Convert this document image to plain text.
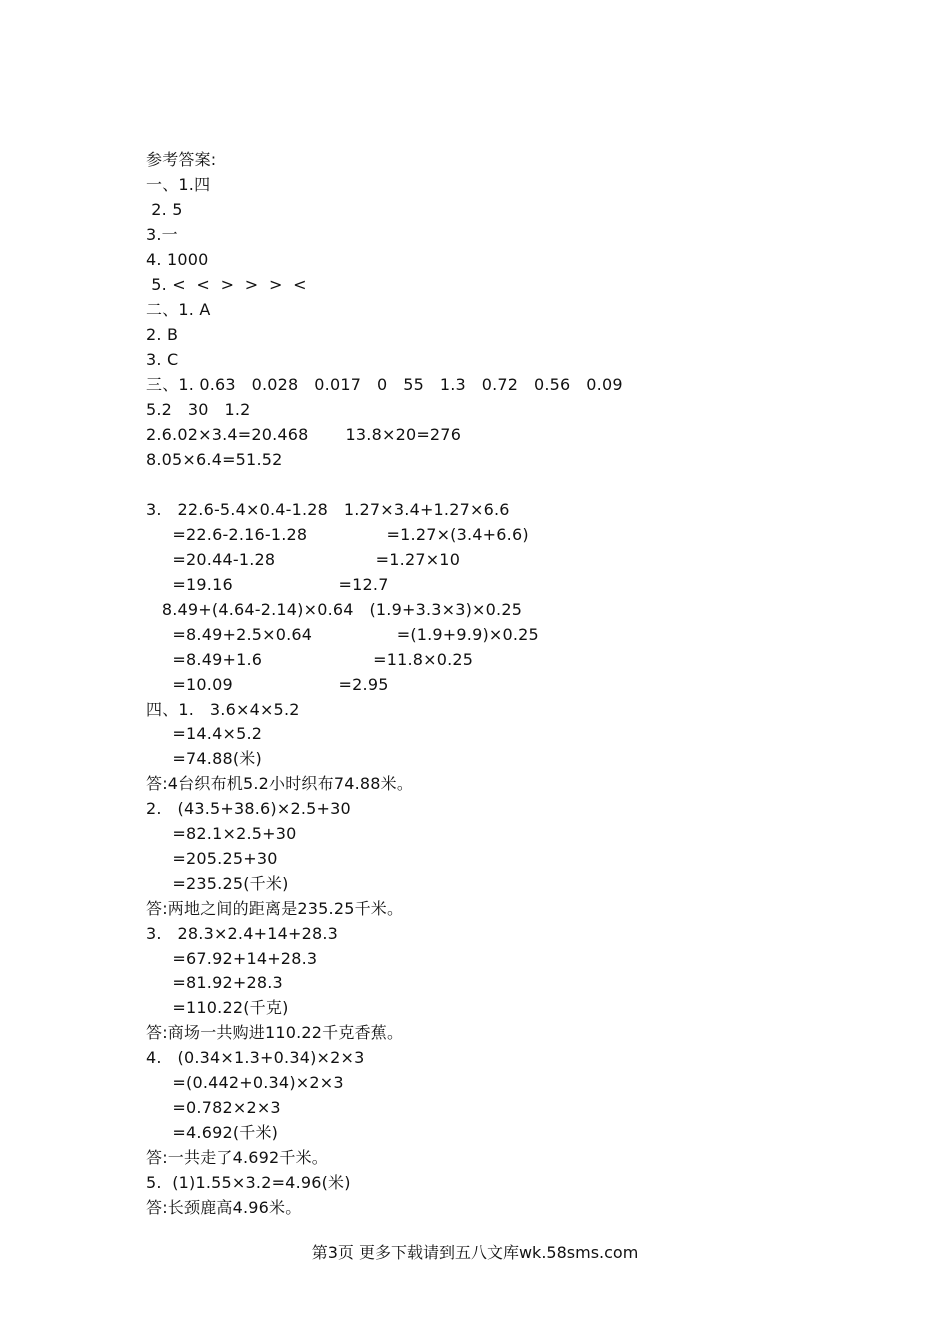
参考答案:
一、1.四
2. 5
3.一
4. 1000
5. <  <  >  >  >  <
二、1. A
2. B
3. C
三、1. 0.63   0.028   0.017   0   55   1.3   0.72   0.56   0.09
5.2   30   1.2
2.6.02×3.4=20.468       13.8×20=276
8.05×6.4=51.52
3.   22.6-5.4×0.4-1.28   1.27×3.4+1.27×6.6
=22.6-2.16-1.28               =1.27×(3.4+6.6)
=20.44-1.28                   =1.27×10
=19.16                    =12.7
8.49+(4.64-2.14)×0.64   (1.9+3.3×3)×0.25
=8.49+2.5×0.64                =(1.9+9.9)×0.25
=8.49+1.6                     =11.8×0.25
=10.09                    =2.95
四、1.   3.6×4×5.2
=14.4×5.2
=74.88(米)
答:4台织布机5.2小时织布74.88米。
2.   (43.5+38.6)×2.5+30
=82.1×2.5+30
=205.25+30
=235.25(千米)
答:两地之间的距离是235.25千米。
3.   28.3×2.4+14+28.3
=67.92+14+28.3
=81.92+28.3
=110.22(千克)
答:商场一共购进110.22千克香蕉。
4.   (0.34×1.3+0.34)×2×3
=(0.442+0.34)×2×3
=0.782×2×3
=4.692(千米)
答:一共走了4.692千米。
5.  (1)1.55×3.2=4.96(米)
答:长颈鹿高4.96米。
第3页 更多下载请到五八文库wk.58sms.com
